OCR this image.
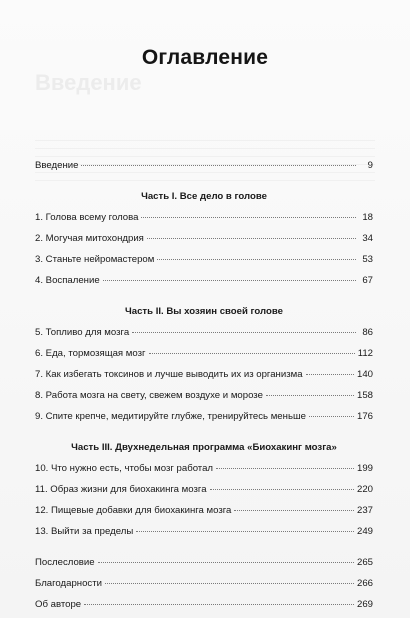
Введение
Оглавление
Введение	9
Часть I. Все дело в голове
1. Голова всему голова	18
2. Могучая митохондрия	34
3. Станьте нейромастером	53
4. Воспаление	67
Часть II. Вы хозяин своей голове
5. Топливо для мозга	86
6. Еда, тормозящая мозг	112
7. Как избегать токсинов и лучше выводить их из организма	140
8. Работа мозга на свету, свежем воздухе и морозе	158
9. Спите крепче, медитируйте глубже, тренируйтесь меньше	176
Часть III. Двухнедельная программа «Биохакинг мозга»
10. Что нужно есть, чтобы мозг работал	199
11. Образ жизни для биохакинга мозга	220
12. Пищевые добавки для биохакинга мозга	237
13. Выйти за пределы	249
Послесловие	265
Благодарности	266
Об авторе	269
